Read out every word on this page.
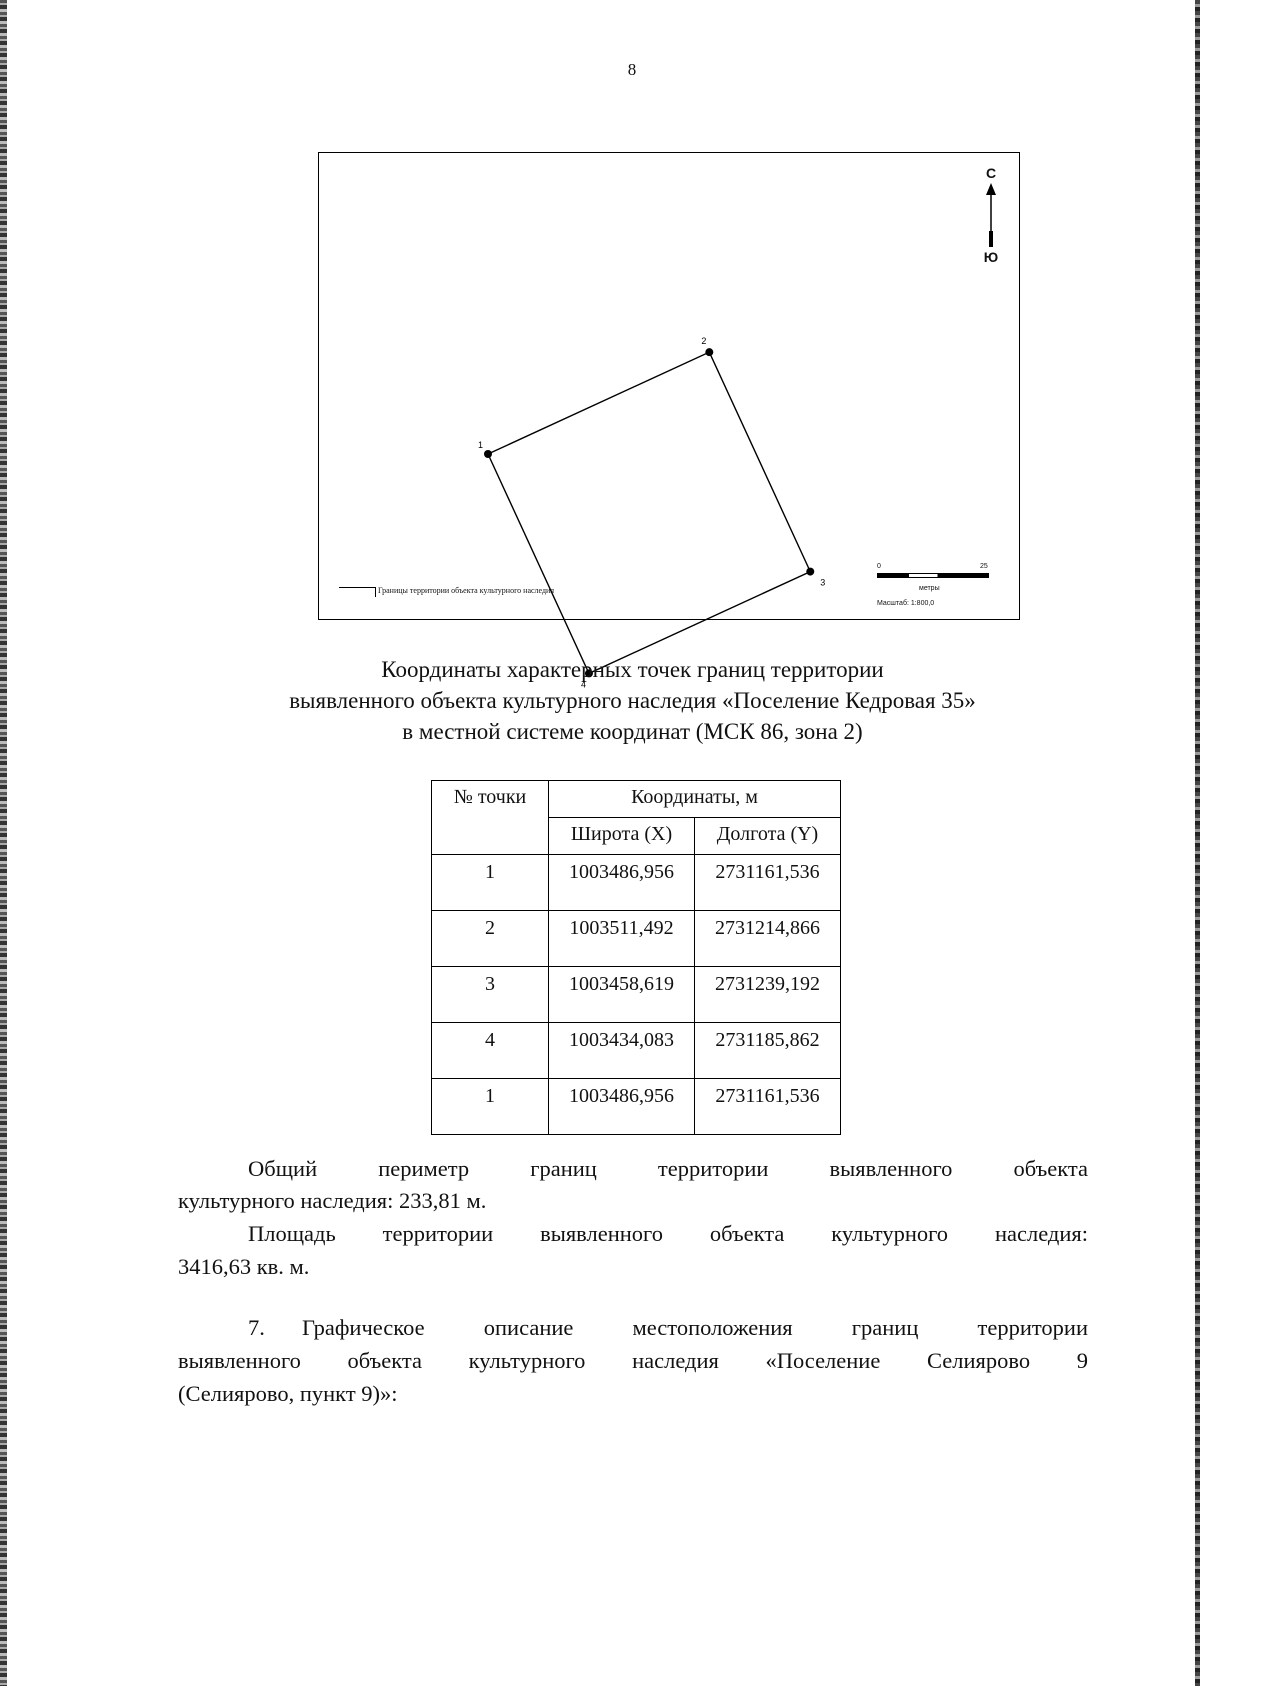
8
1
2
3
4
С
Ю
$^{Границы территории объекта культурного наследия}$
0	25
метры
Масштаб: 1:800,0
Координаты характерных точек границ территории
выявленного объекта культурного наследия «Поселение Кедровая 35»
в местной системе координат (МСК 86, зона 2)
№ точки	Координаты, м	
	Широта (X)	Долгота (Y)
1	1003486,956	2731161,536
2	1003511,492	2731214,866
3	1003458,619	2731239,192
4	1003434,083	2731185,862
1	1003486,956	2731161,536
Общий периметр границ территории выявленного объекта
культурного наследия: 233,81 м.
Площадь территории выявленного объекта культурного наследия:
3416,63 кв. м.
7. Графическое описание местоположения границ территории
выявленного объекта культурного наследия «Поселение Селиярово 9
(Селиярово, пункт 9)»:
